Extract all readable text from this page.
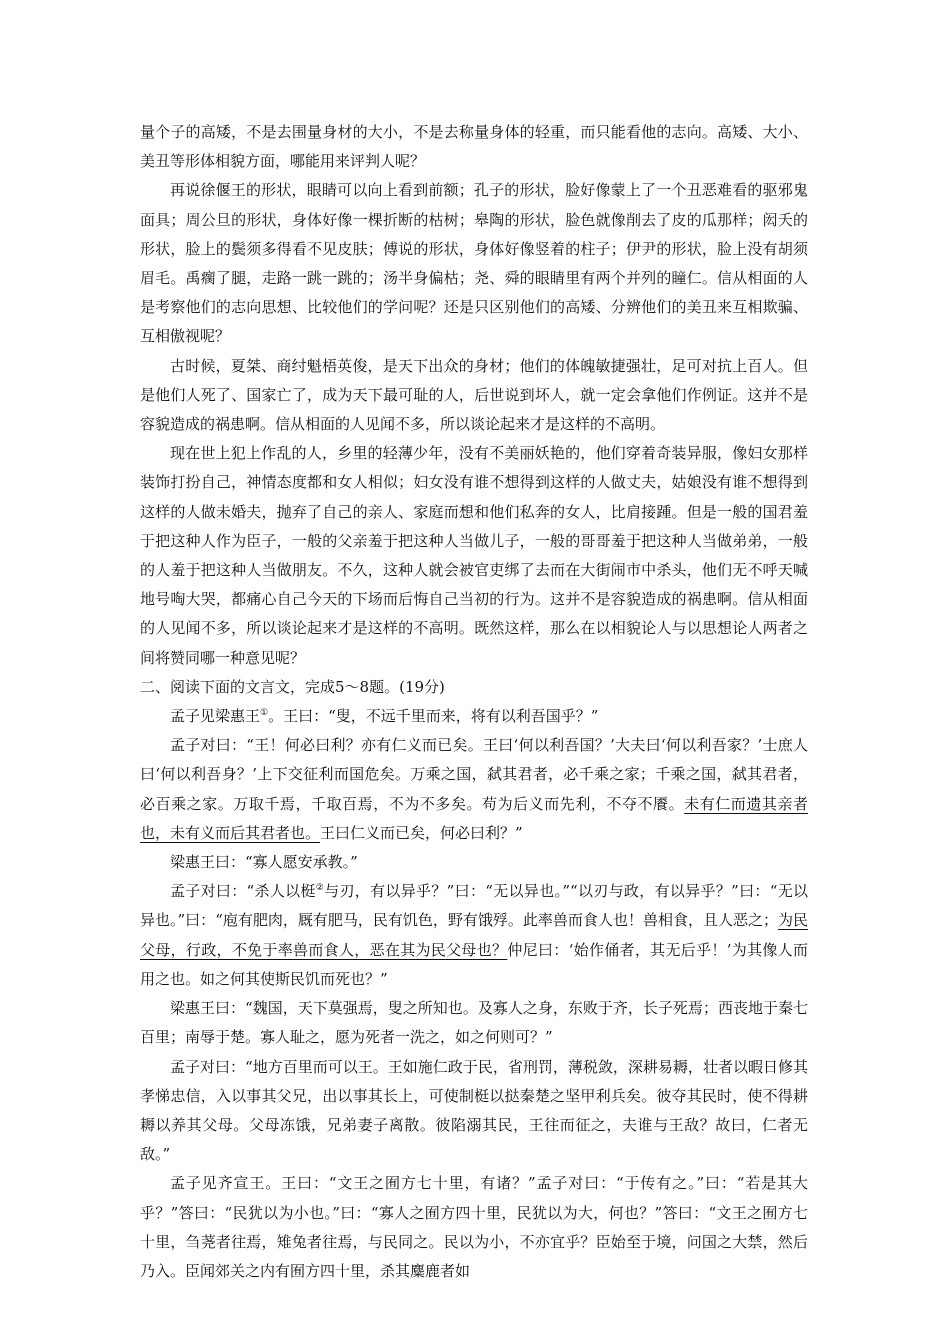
量个子的高矮，不是去围量身材的大小，不是去称量身体的轻重，而只能看他的志向。高矮、大小、美丑等形体相貌方面，哪能用来评判人呢？

再说徐偃王的形状，眼睛可以向上看到前额；孔子的形状，脸好像蒙上了一个丑恶难看的驱邪鬼面具；周公旦的形状，身体好像一棵折断的枯树；皋陶的形状，脸色就像削去了皮的瓜那样；闳夭的形状，脸上的鬓须多得看不见皮肤；傅说的形状，身体好像竖着的柱子；伊尹的形状，脸上没有胡须眉毛。禹瘸了腿，走路一跳一跳的；汤半身偏枯；尧、舜的眼睛里有两个并列的瞳仁。信从相面的人是考察他们的志向思想、比较他们的学问呢？还是只区别他们的高矮、分辨他们的美丑来互相欺骗、互相傲视呢？

古时候，夏桀、商纣魁梧英俊，是天下出众的身材；他们的体魄敏捷强壮，足可对抗上百人。但是他们人死了、国家亡了，成为天下最可耻的人，后世说到坏人，就一定会拿他们作例证。这并不是容貌造成的祸患啊。信从相面的人见闻不多，所以谈论起来才是这样的不高明。

现在世上犯上作乱的人，乡里的轻薄少年，没有不美丽妖艳的，他们穿着奇装异服，像妇女那样装饰打扮自己，神情态度都和女人相似；妇女没有谁不想得到这样的人做丈夫，姑娘没有谁不想得到这样的人做未婚夫，抛弃了自己的亲人、家庭而想和他们私奔的女人，比肩接踵。但是一般的国君羞于把这种人作为臣子，一般的父亲羞于把这种人当做儿子，一般的哥哥羞于把这种人当做弟弟，一般的人羞于把这种人当做朋友。不久，这种人就会被官吏绑了去而在大街闹市中杀头，他们无不呼天喊地号啕大哭，都痛心自己今天的下场而后悔自己当初的行为。这并不是容貌造成的祸患啊。信从相面的人见闻不多，所以谈论起来才是这样的不高明。既然这样，那么在以相貌论人与以思想论人两者之间将赞同哪一种意见呢？

二、阅读下面的文言文，完成5～8题。(19分)

孟子见梁惠王①。王曰：“叟，不远千里而来，将有以利吾国乎？”

孟子对曰：“王！何必曰利？亦有仁义而已矣。王曰‘何以利吾国？’大夫曰‘何以利吾家？’士庶人曰‘何以利吾身？’上下交征利而国危矣。万乘之国，弑其君者，必千乘之家；千乘之国，弑其君者，必百乘之家。万取千焉，千取百焉，不为不多矣。苟为后义而先利，不夺不餍。未有仁而遗其亲者也，未有义而后其君者也。王曰仁义而已矣，何必曰利？”

梁惠王曰：“寡人愿安承教。”

孟子对曰：“杀人以梃②与刃，有以异乎？”曰：“无以异也。”“以刃与政，有以异乎？”曰：“无以异也。”曰：“庖有肥肉，厩有肥马，民有饥色，野有饿殍。此率兽而食人也！兽相食，且人恶之；为民父母，行政，不免于率兽而食人，恶在其为民父母也？仲尼曰：‘始作俑者，其无后乎！’为其像人而用之也。如之何其使斯民饥而死也？”

梁惠王曰：“魏国，天下莫强焉，叟之所知也。及寡人之身，东败于齐，长子死焉；西丧地于秦七百里；南辱于楚。寡人耻之，愿为死者一洗之，如之何则可？”

孟子对曰：“地方百里而可以王。王如施仁政于民，省刑罚，薄税敛，深耕易耨，壮者以暇日修其孝悌忠信，入以事其父兄，出以事其长上，可使制梃以挞秦楚之坚甲利兵矣。彼夺其民时，使不得耕耨以养其父母。父母冻饿，兄弟妻子离散。彼陷溺其民，王往而征之，夫谁与王敌？故曰，仁者无敌。”

孟子见齐宣王。王曰：“文王之囿方七十里，有诸？”孟子对曰：“于传有之。”曰：“若是其大乎？”答曰：“民犹以为小也。”曰：“寡人之囿方四十里，民犹以为大，何也？”答曰：“文王之囿方七十里，刍荛者往焉，雉兔者往焉，与民同之。民以为小，不亦宜乎？臣始至于境，问国之大禁，然后乃入。臣闻郊关之内有囿方四十里，杀其麋鹿者如
